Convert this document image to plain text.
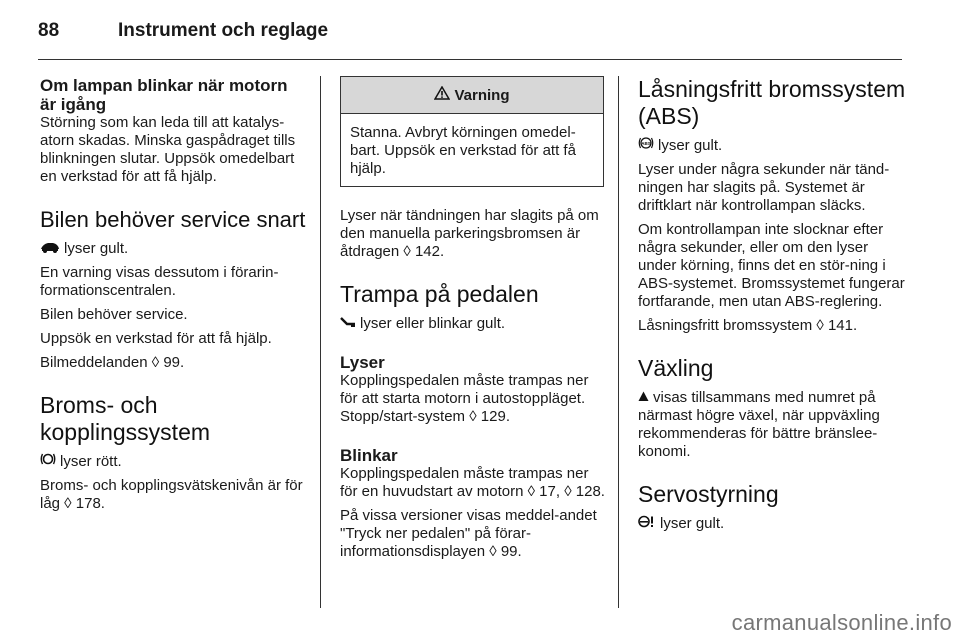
88	Instrument och reglage
Om lampan blinkar när motorn är igång

Störning som kan leda till att katalys-atorn skadas. Minska gaspådraget tills blinkningen slutar. Uppsök omedelbart en verkstad för att få hjälp.

Bilen behöver service snart

lyser gult.

En varning visas dessutom i förarin-formationscentralen.

Bilen behöver service.

Uppsök en verkstad för att få hjälp.

Bilmeddelanden ◊ 99.

Broms- och
kopplingssystem

lyser rött.

Broms- och kopplingsvätskenivån är för låg ◊ 178.

Varning
Stanna. Avbryt körningen omedel-bart. Uppsök en verkstad för att få hjälp.

Lyser när tändningen har slagits på om den manuella parkeringsbromsen är åtdragen ◊ 142.

Trampa på pedalen

lyser eller blinkar gult.

Lyser

Kopplingspedalen måste trampas ner för att starta motorn i autostoppläget. Stopp/start-system ◊ 129.

Blinkar

Kopplingspedalen måste trampas ner för en huvudstart av motorn ◊ 17, ◊ 128.

På vissa versioner visas meddel-andet "Tryck ner pedalen" på förar-informationsdisplayen ◊ 99.

Låsningsfritt bromssystem (ABS)

ABS lyser gult.

Lyser under några sekunder när tänd-ningen har slagits på. Systemet är driftklart när kontrollampan släcks.

Om kontrollampan inte slocknar efter några sekunder, eller om den lyser under körning, finns det en stör-ning i ABS-systemet. Bromssystemet fungerar fortfarande, men utan ABS-reglering.

Låsningsfritt bromssystem ◊ 141.

Växling

visas tillsammans med numret på närmast högre växel, när uppväxling rekommenderas för bättre bränslee-konomi.

Servostyrning

lyser gult.

carmanualsonline.info
